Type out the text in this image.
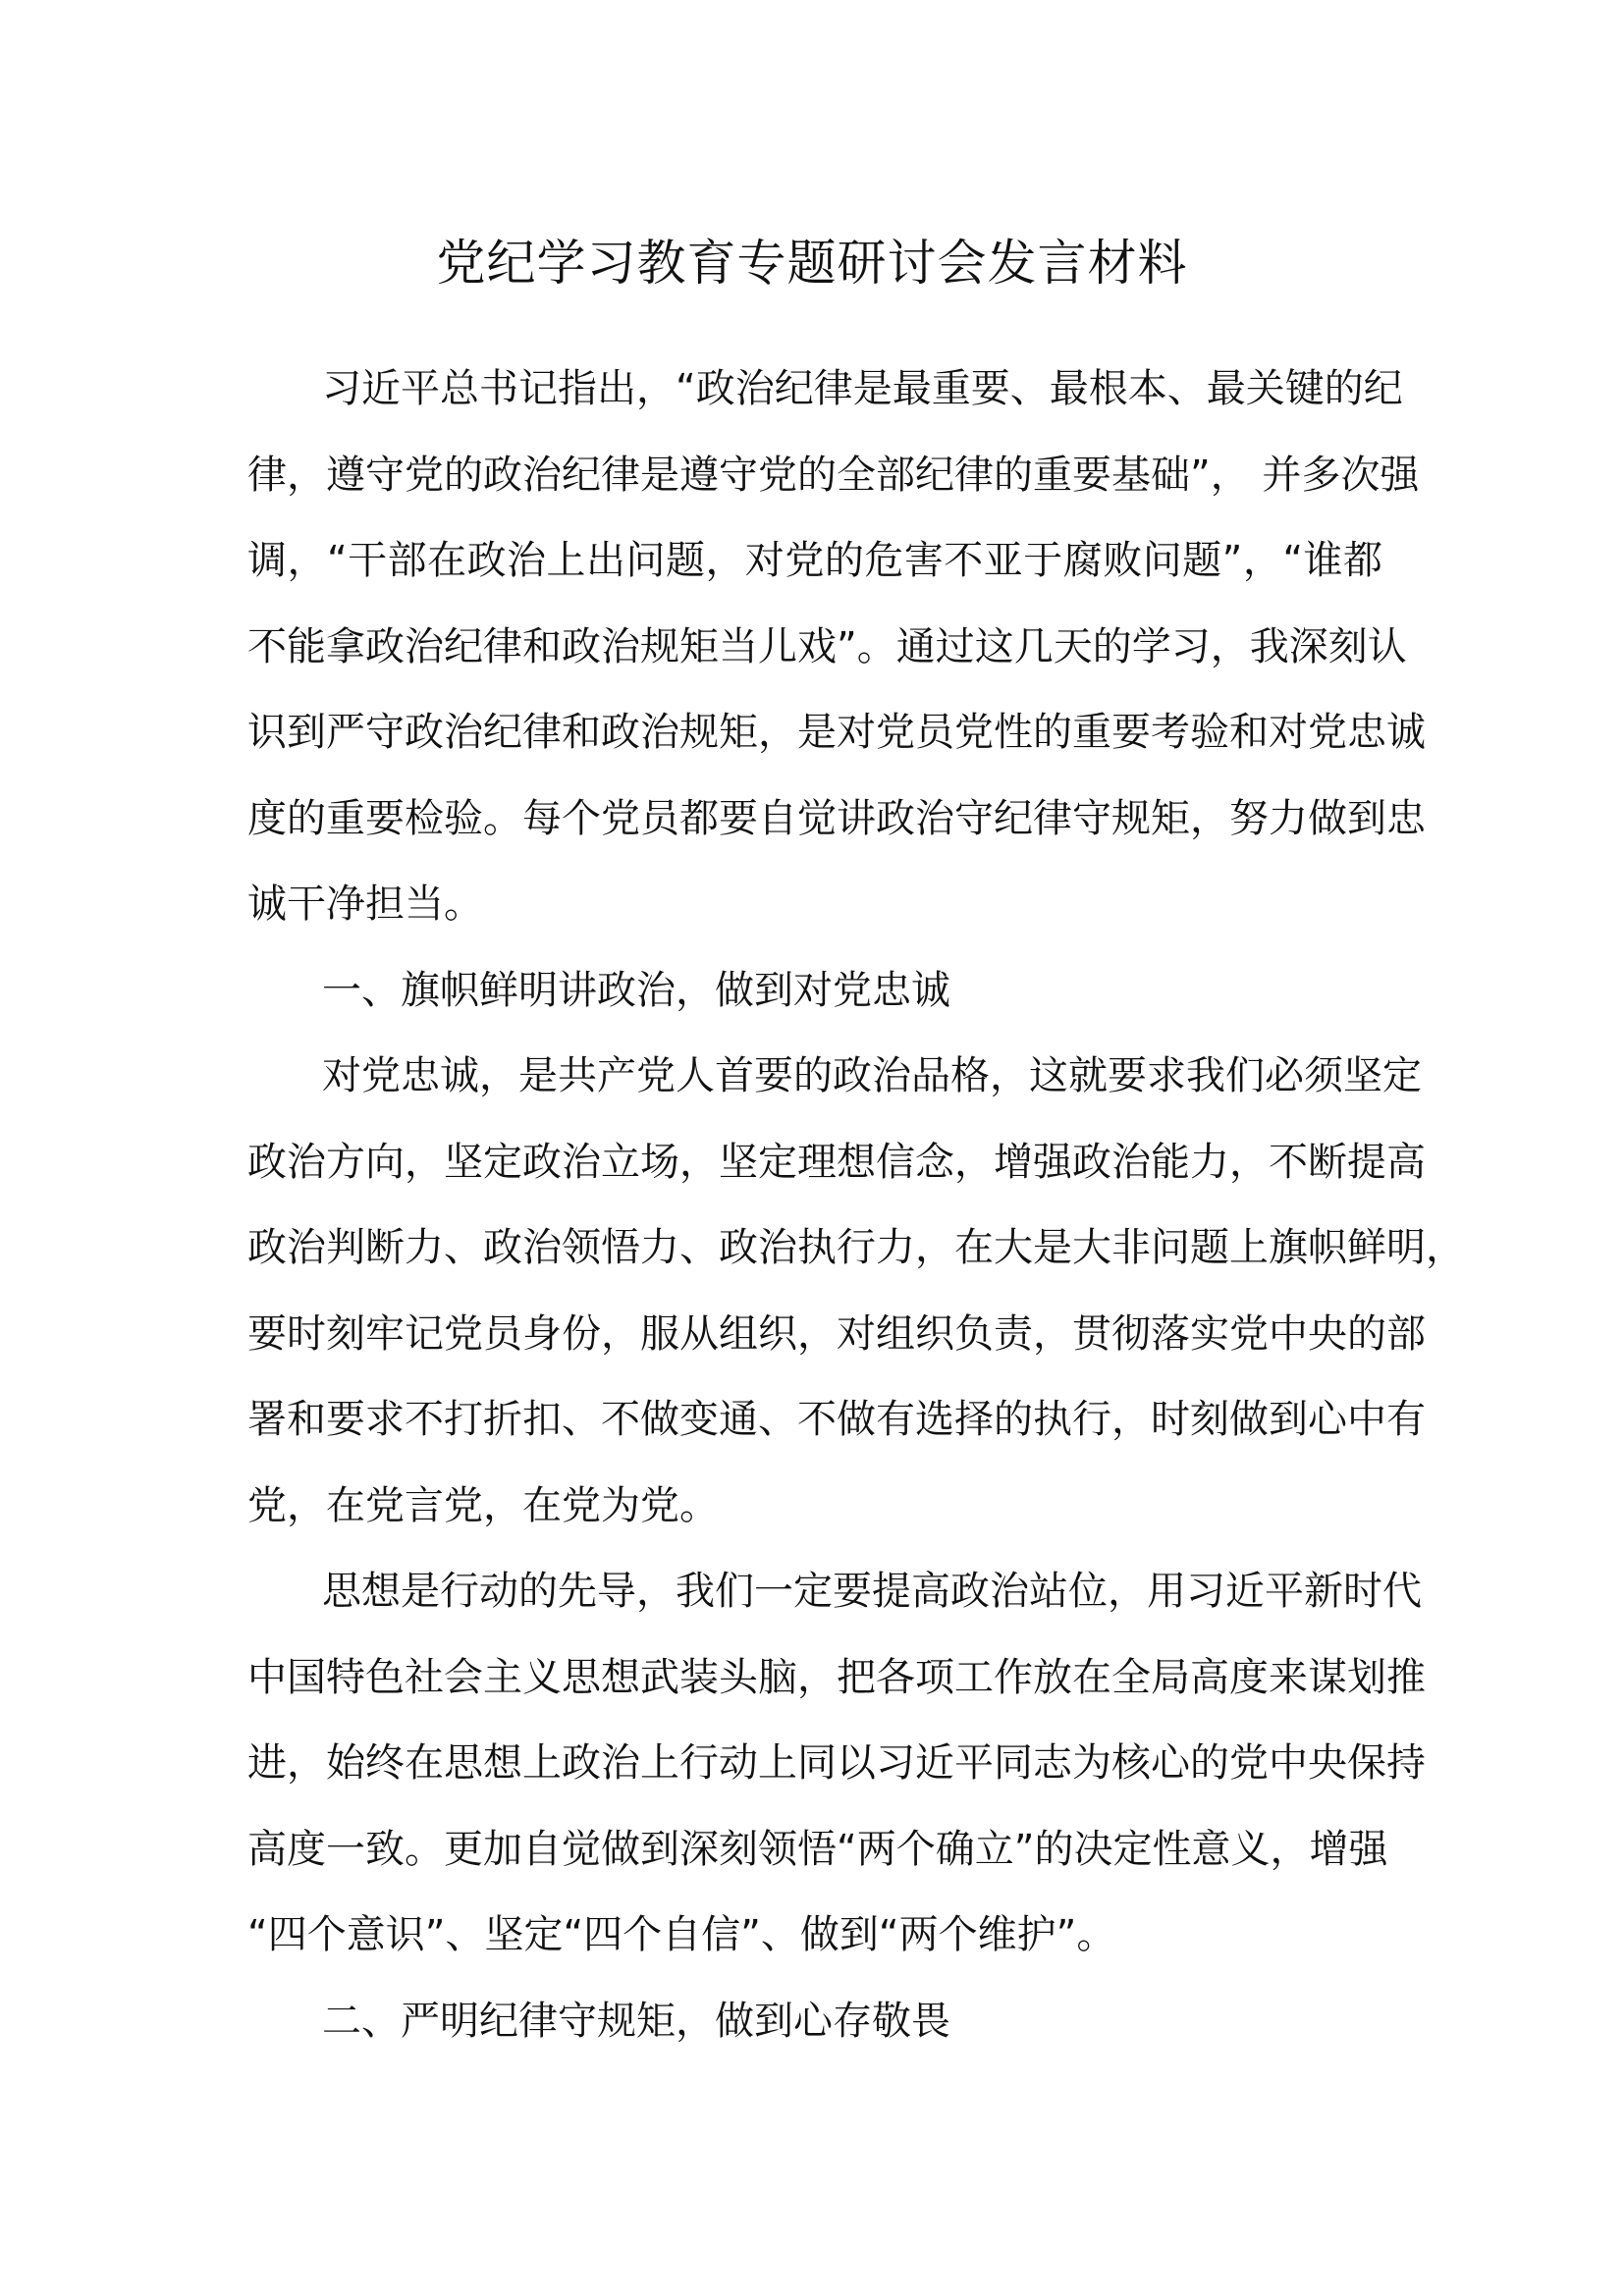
党纪学习教育专题研讨会发言材料
习近平总书记指出，“政治纪律是最重要、最根本、最关键的纪
律，遵守党的政治纪律是遵守党的全部纪律的重要基础”， 并多次强
调，“干部在政治上出问题，对党的危害不亚于腐败问题”，“谁都
不能拿政治纪律和政治规矩当儿戏”。通过这几天的学习，我深刻认
识到严守政治纪律和政治规矩，是对党员党性的重要考验和对党忠诚
度的重要检验。每个党员都要自觉讲政治守纪律守规矩，努力做到忠
诚干净担当。
一、旗帜鲜明讲政治，做到对党忠诚
对党忠诚，是共产党人首要的政治品格，这就要求我们必须坚定
政治方向，坚定政治立场，坚定理想信念，增强政治能力，不断提高
政治判断力、政治领悟力、政治执行力，在大是大非问题上旗帜鲜明，
要时刻牢记党员身份，服从组织，对组织负责，贯彻落实党中央的部
署和要求不打折扣、不做变通、不做有选择的执行，时刻做到心中有
党，在党言党，在党为党。
思想是行动的先导，我们一定要提高政治站位，用习近平新时代
中国特色社会主义思想武装头脑，把各项工作放在全局高度来谋划推
进，始终在思想上政治上行动上同以习近平同志为核心的党中央保持
高度一致。更加自觉做到深刻领悟“两个确立”的决定性意义，增强
“四个意识”、坚定“四个自信”、做到“两个维护”。
二、严明纪律守规矩，做到心存敬畏
